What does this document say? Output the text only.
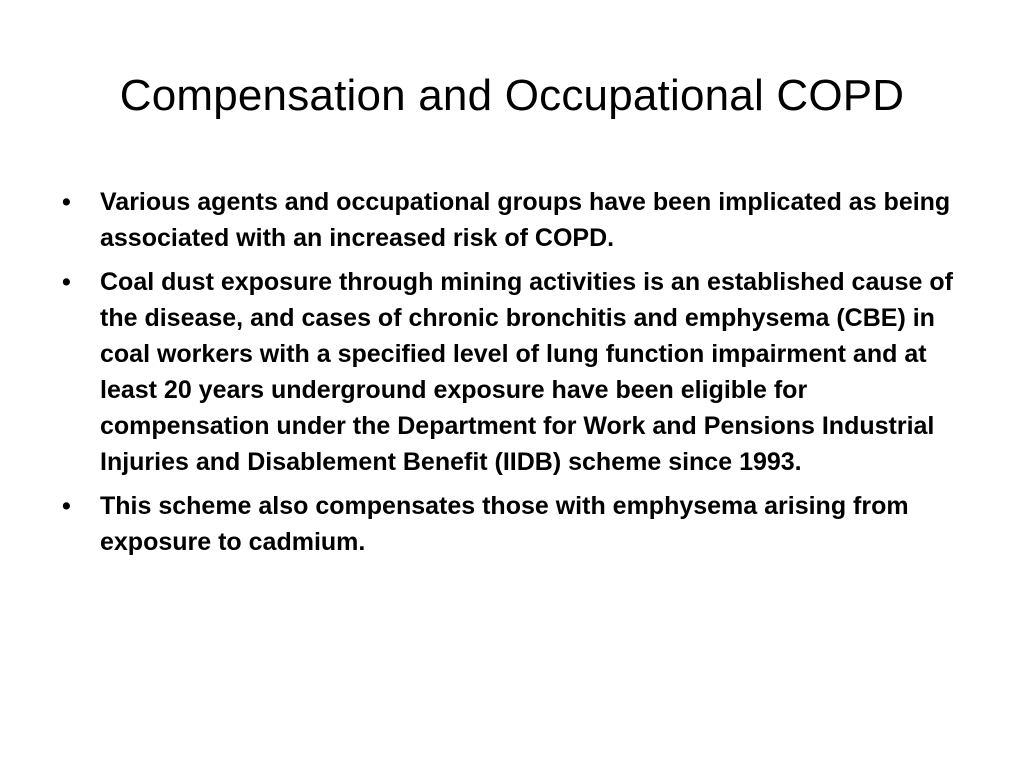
Compensation and Occupational COPD
• Various agents and occupational groups have been implicated as being associated with an increased risk of COPD.
• Coal dust exposure through mining activities is an established cause of the disease, and cases of chronic bronchitis and emphysema (CBE) in coal workers with a specified level of lung function impairment and at least 20 years underground exposure have been eligible for compensation under the Department for Work and Pensions Industrial Injuries and Disablement Benefit (IIDB) scheme since 1993.
• This scheme also compensates those with emphysema arising from exposure to cadmium.
